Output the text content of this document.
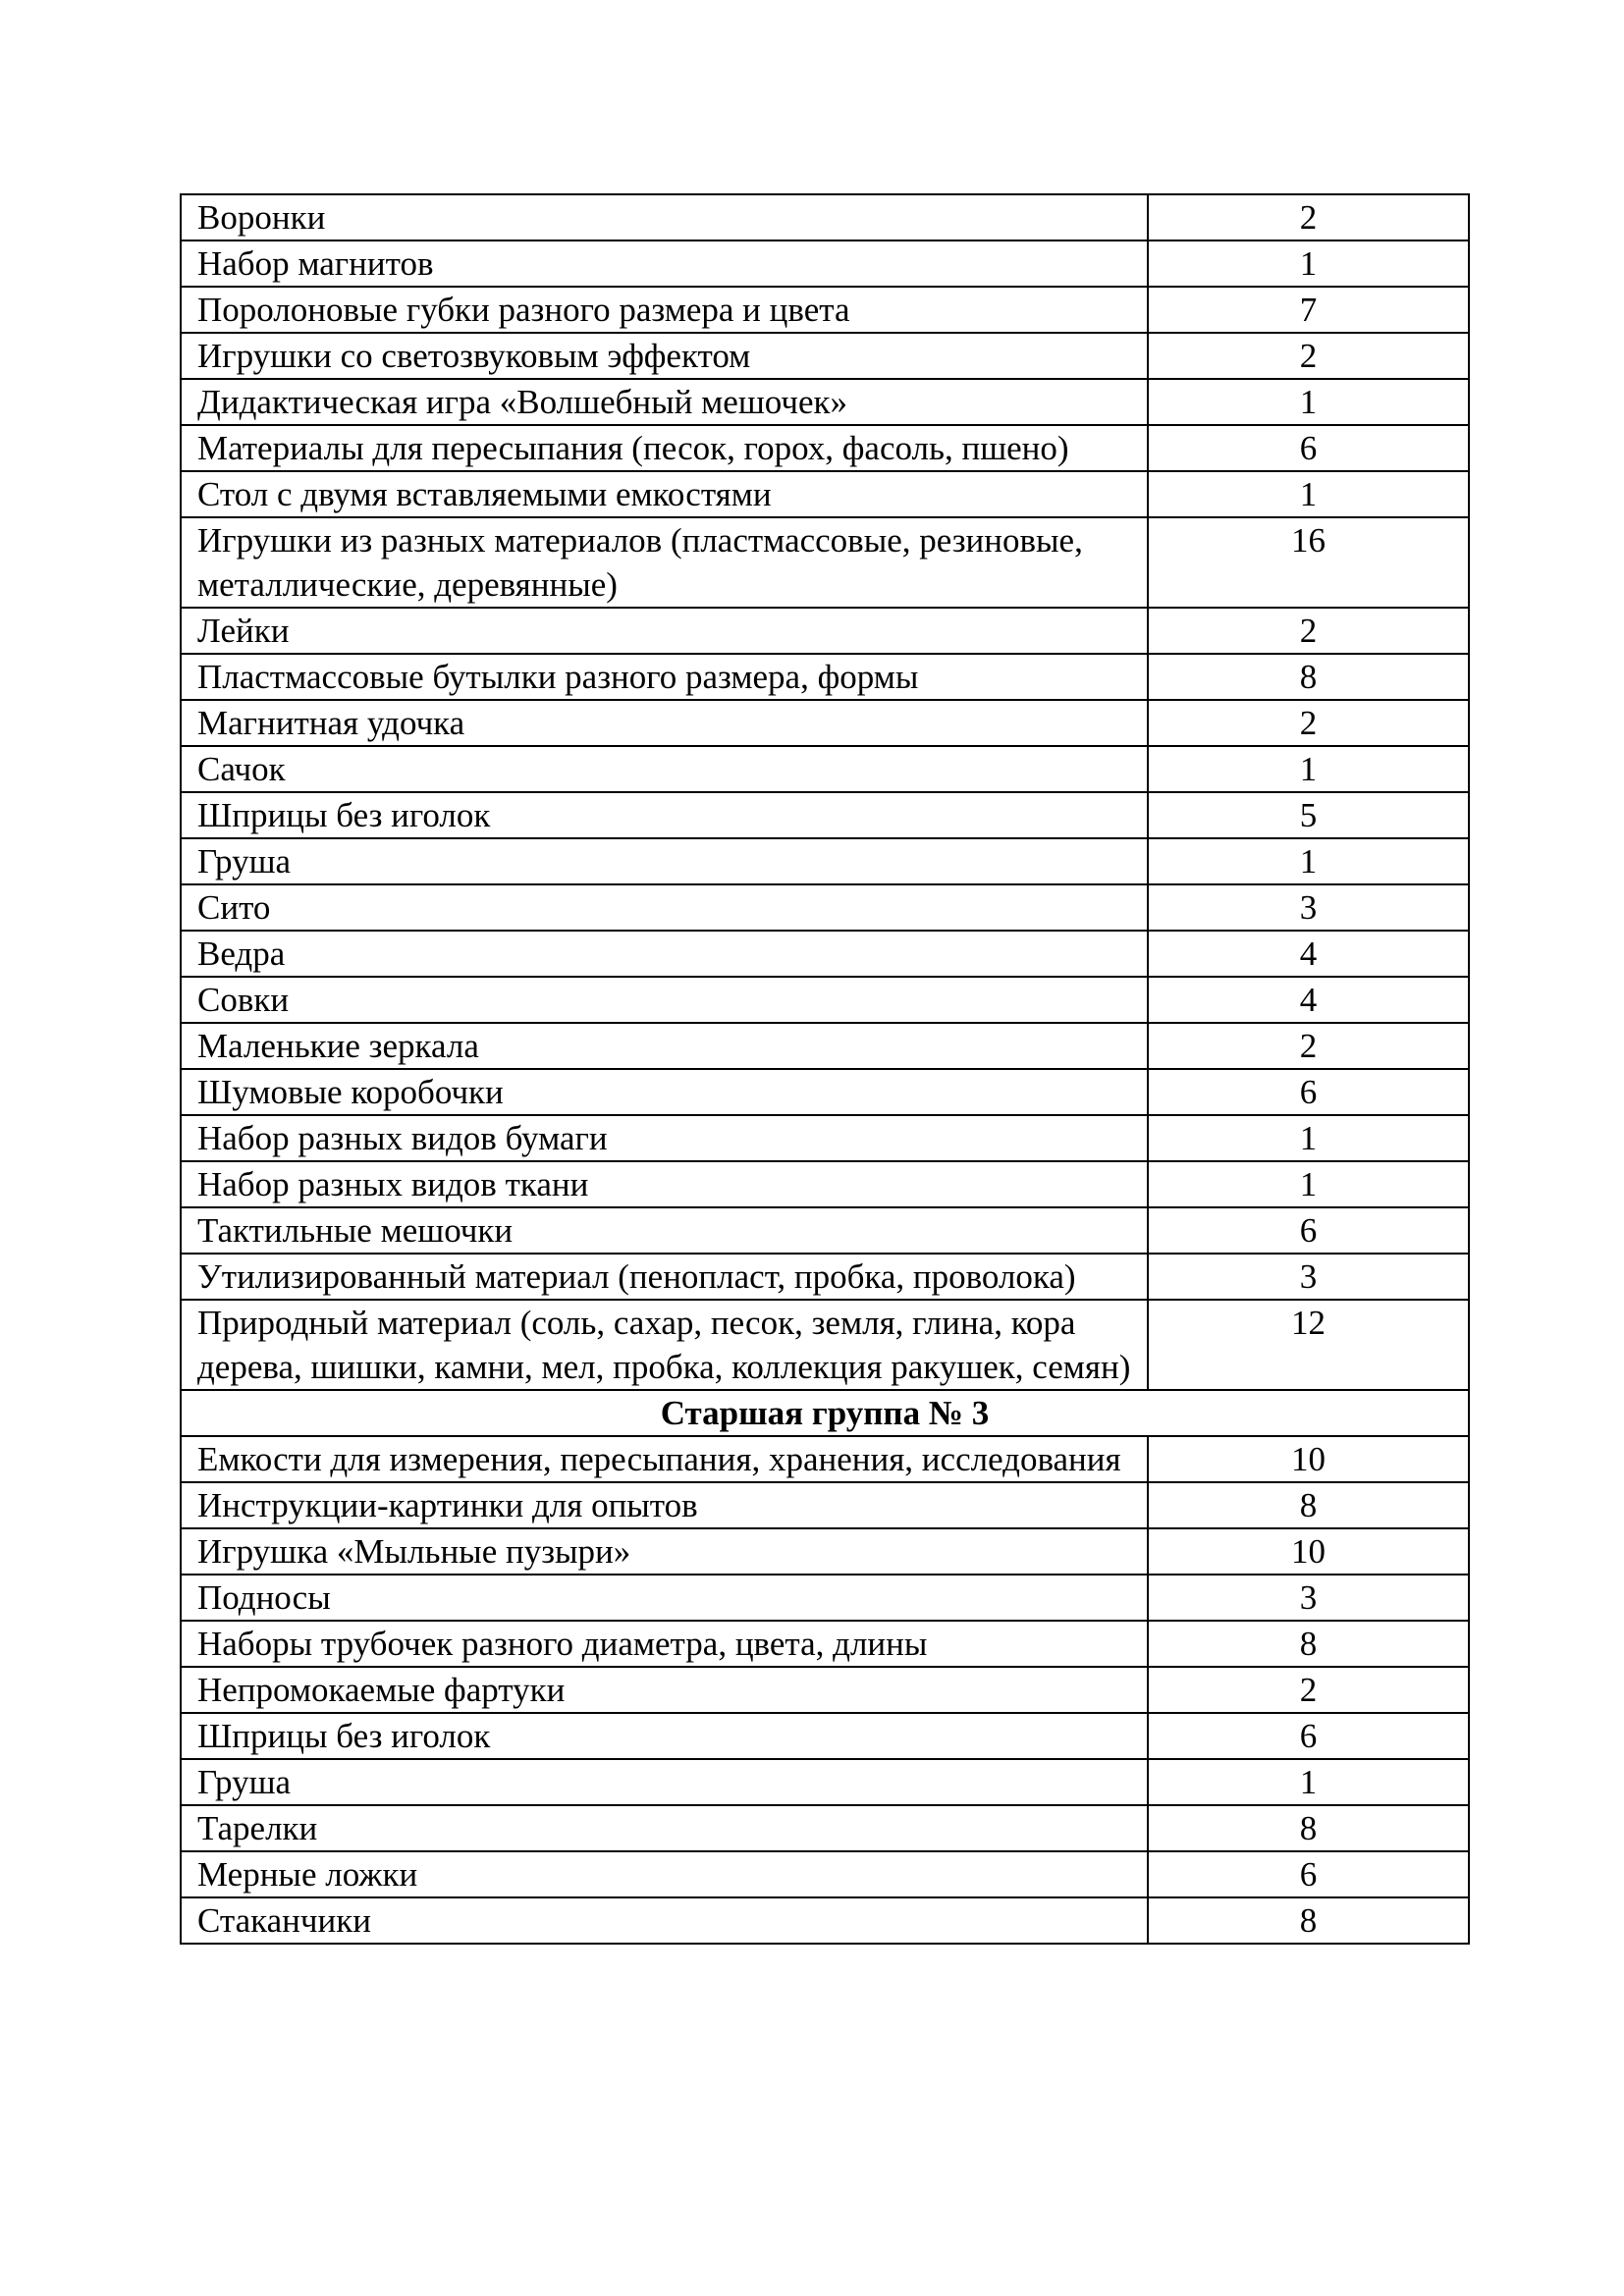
Воронки	2
Набор магнитов	1
Поролоновые губки разного размера и цвета	7
Игрушки со светозвуковым эффектом	2
Дидактическая игра «Волшебный мешочек»	1
Материалы для пересыпания (песок, горох, фасоль, пшено)	6
Стол с двумя вставляемыми емкостями	1
Игрушки из разных материалов (пластмассовые, резиновые, металлические, деревянные)	16
Лейки	2
Пластмассовые бутылки разного размера, формы	8
Магнитная удочка	2
Сачок	1
Шприцы без иголок	5
Груша	1
Сито	3
Ведра	4
Совки	4
Маленькие зеркала	2
Шумовые коробочки	6
Набор разных видов бумаги	1
Набор разных видов ткани	1
Тактильные мешочки	6
Утилизированный материал (пенопласт, пробка, проволока)	3
Природный материал (соль, сахар, песок, земля, глина, кора дерева, шишки, камни, мел, пробка, коллекция ракушек, семян)	12
Старшая группа № 3	
Емкости для измерения, пересыпания, хранения, исследования	10
Инструкции-картинки для опытов	8
Игрушка «Мыльные пузыри»	10
Подносы	3
Наборы трубочек разного диаметра, цвета, длины	8
Непромокаемые фартуки	2
Шприцы без иголок	6
Груша	1
Тарелки	8
Мерные ложки	6
Стаканчики	8
